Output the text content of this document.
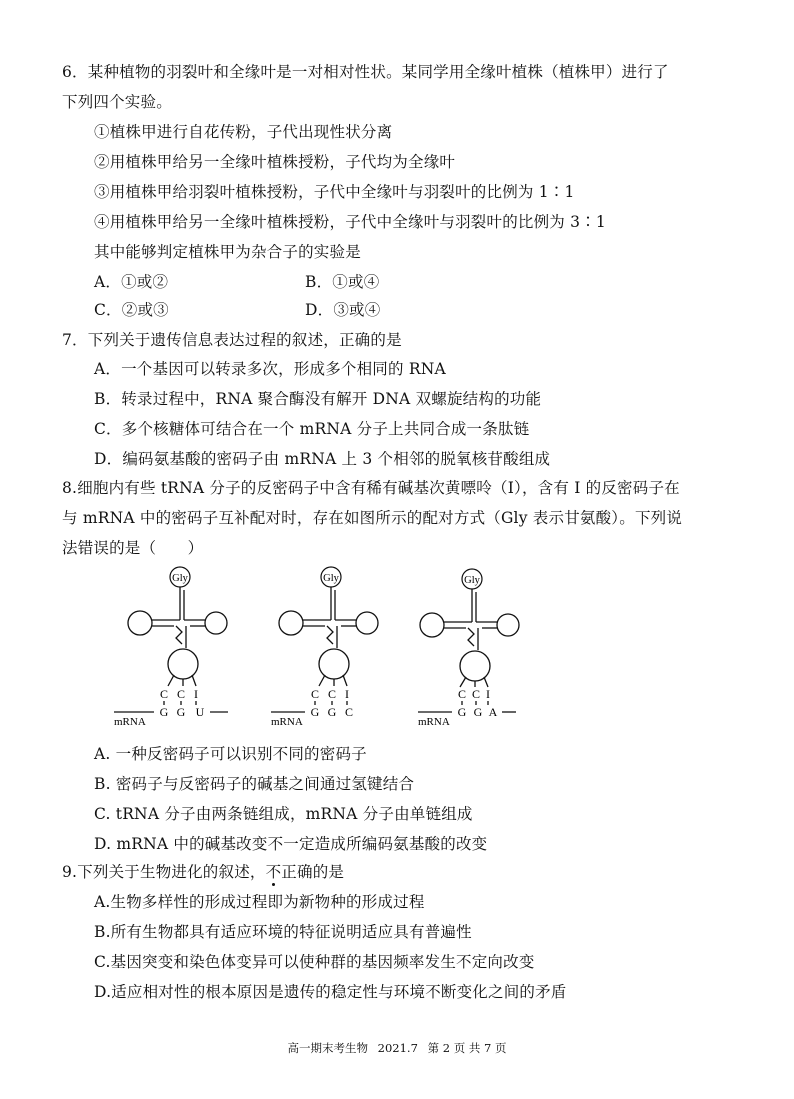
6．某种植物的羽裂叶和全缘叶是一对相对性状。某同学用全缘叶植株（植株甲）进行了
下列四个实验。
①植株甲进行自花传粉，子代出现性状分离
②用植株甲给另一全缘叶植株授粉，子代均为全缘叶
③用植株甲给羽裂叶植株授粉，子代中全缘叶与羽裂叶的比例为 1∶1
④用植株甲给另一全缘叶植株授粉，子代中全缘叶与羽裂叶的比例为 3∶1
其中能够判定植株甲为杂合子的实验是
A．①或②	B．①或④
C．②或③	D．③或④
7．下列关于遗传信息表达过程的叙述，正确的是
A．一个基因可以转录多次，形成多个相同的 RNA
B．转录过程中，RNA 聚合酶没有解开 DNA 双螺旋结构的功能
C．多个核糖体可结合在一个 mRNA 分子上共同合成一条肽链
D．编码氨基酸的密码子由 mRNA 上 3 个相邻的脱氧核苷酸组成
8.细胞内有些 tRNA 分子的反密码子中含有稀有碱基次黄嘌呤（I），含有 I 的反密码子在
与 mRNA 中的密码子互补配对时，存在如图所示的配对方式（Gly 表示甘氨酸）。下列说
法错误的是（　　）
Gly
C C I
G G U
mRNA
Gly
C C I
G G C
mRNA
Gly
C C I
G G A
mRNA
A. 一种反密码子可以识别不同的密码子
B. 密码子与反密码子的碱基之间通过氢键结合
C. tRNA 分子由两条链组成，mRNA 分子由单链组成
D. mRNA 中的碱基改变不一定造成所编码氨基酸的改变
9.下列关于生物进化的叙述，不正确的是
A.生物多样性的形成过程即为新物种的形成过程
B.所有生物都具有适应环境的特征说明适应具有普遍性
C.基因突变和染色体变异可以使种群的基因频率发生不定向改变
D.适应相对性的根本原因是遗传的稳定性与环境不断变化之间的矛盾
高一期末考生物 2021.7 第 2 页 共 7 页
